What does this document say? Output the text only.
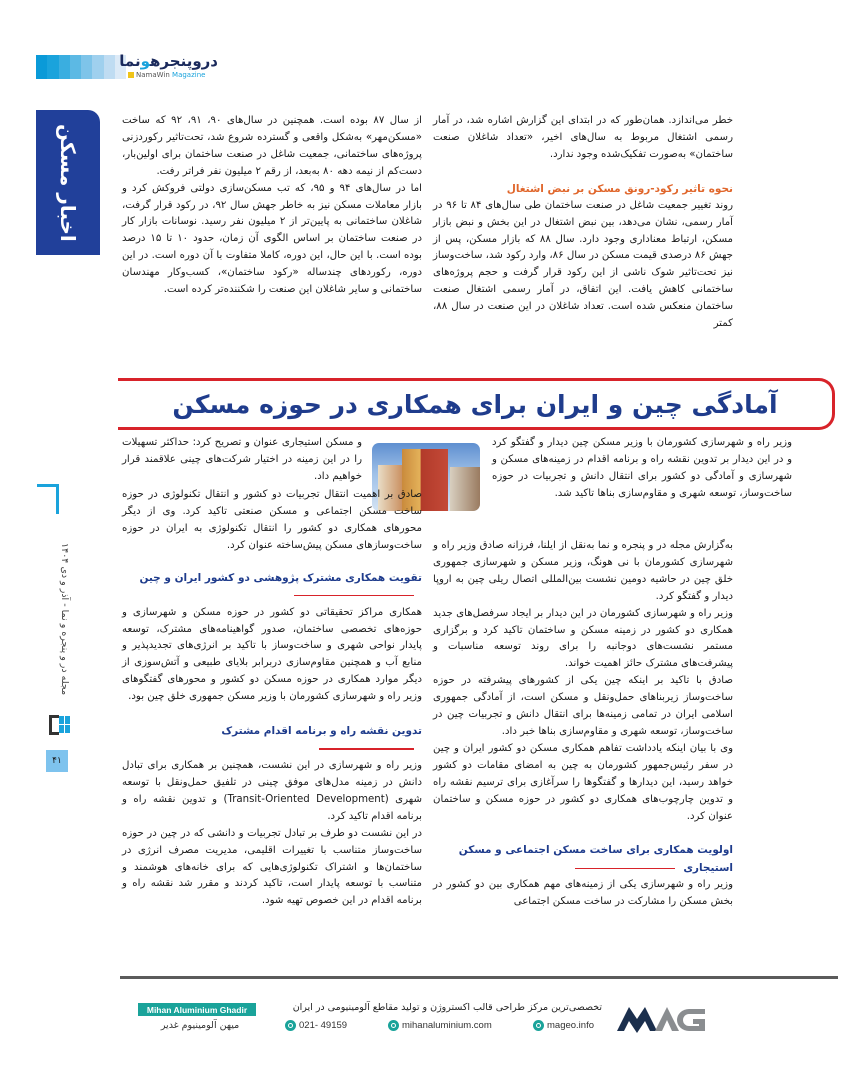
دروپنجرهونما
NamaWin Magazine
اخبار مسکن

از سال ۸۷ بوده است. همچنین در سال‌های ۹۰، ۹۱، ۹۲ که ساخت «مسکن‌مهر» به‌شکل واقعی و گسترده شروع شد، تحت‌تاثیر رکوردزنی پروژه‌های ساختمانی، جمعیت شاغل در صنعت ساختمان برای اولین‌بار، دست‌کم از نیمه دهه ۸۰ به‌بعد، از رقم ۲ میلیون نفر فراتر رفت.

اما در سال‌های ۹۴ و ۹۵، که تب مسکن‌سازی دولتی فروکش کرد و بازار معاملات مسکن نیز به خاطر جهش سال ۹۲، در رکود قرار گرفت، شاغلان ساختمانی به پایین‌تر از ۲ میلیون نفر رسید. نوسانات بازار کار در صنعت ساختمان بر اساس الگوی آن زمان، حدود ۱۰ تا ۱۵ درصد بوده است. با این حال، این دوره، کاملا متفاوت با آن دوره است. در این دوره، رکوردهای چندساله «رکود ساختمان»، کسب‌وکار مهندسان ساختمانی و سایر شاغلان این صنعت را شکننده‌تر کرده است.

خطر می‌اندازد. همان‌طور که در ابتدای این گزارش اشاره شد، در آمار رسمی اشتغال مربوط به سال‌های اخیر، «تعداد شاغلان صنعت ساختمان» به‌صورت تفکیک‌شده وجود ندارد.

نحوه تاثیر رکود-رونق مسکن بر نبض اشتغال

روند تغییر جمعیت شاغل در صنعت ساختمان طی سال‌های ۸۴ تا ۹۶ در آمار رسمی، نشان می‌دهد، بین نبض اشتغال در این بخش و نبض بازار مسکن، ارتباط معناداری وجود دارد. سال ۸۸ که بازار مسکن، پس از جهش ۸۶ درصدی قیمت مسکن در سال ۸۶، وارد رکود شد، ساخت‌وساز نیز تحت‌تاثیر شوک ناشی از این رکود قرار گرفت و حجم پروژه‌های ساختمانی کاهش یافت. این اتفاق، در آمار رسمی اشتغال صنعت ساختمان منعکس شده است. تعداد شاغلان در این صنعت در سال ۸۸، کمتر

آمادگی چین و ایران برای همکاری در حوزه مسکن

وزیر راه و شهرسازی کشورمان با وزیر مسکن چین دیدار و گفتگو کرد و در این دیدار بر تدوین نقشه راه و برنامه اقدام در زمینه‌های مسکن و شهرسازی و آمادگی دو کشور برای انتقال دانش و تجربیات در حوزه ساخت‌وساز، توسعه شهری و مقاوم‌سازی بناها تاکید شد.

به‌گزارش مجله در و پنجره و نما به‌نقل از ایلنا، فرزانه صادق وزیر راه و شهرسازی کشورمان با نی هونگ، وزیر مسکن و شهرسازی جمهوری خلق چین در حاشیه دومین نشست بین‌المللی اتصال ریلی چین به اروپا دیدار و گفتگو کرد.

وزیر راه و شهرسازی کشورمان در این دیدار بر ایجاد سرفصل‌های جدید همکاری دو کشور در زمینه مسکن و ساختمان تاکید کرد و برگزاری مستمر نشست‌های دوجانبه را برای روند توسعه مناسبات و پیشرفت‌های مشترک حائز اهمیت خواند.

صادق با تاکید بر اینکه چین یکی از کشورهای پیشرفته در حوزه ساخت‌وساز زیربناهای حمل‌ونقل و مسکن است، از آمادگی جمهوری اسلامی ایران در تمامی زمینه‌ها برای انتقال دانش و تجربیات چین در ساخت‌وساز، توسعه شهری و مقاوم‌سازی بناها خبر داد.

وی با بیان اینکه یادداشت تفاهم همکاری مسکن دو کشور ایران و چین در سفر رئیس‌جمهور کشورمان به چین به امضای مقامات دو کشور خواهد رسید، این دیدارها و گفتگوها را سرآغازی برای ترسیم نقشه راه و تدوین چارچوب‌های همکاری دو کشور در حوزه مسکن و ساختمان عنوان کرد.

اولویت همکاری برای ساخت مسکن اجتماعی و مسکن استیجاری

وزیر راه و شهرسازی یکی از زمینه‌های مهم همکاری بین دو کشور در بخش مسکن را مشارکت در ساخت مسکن اجتماعی

و مسکن استیجاری عنوان و تصریح کرد: حداکثر تسهیلات را در این زمینه در اختیار شرکت‌های چینی علاقمند قرار خواهیم داد.

صادق بر اهمیت انتقال تجربیات دو کشور و انتقال تکنولوژی در حوزه ساخت مسکن اجتماعی و مسکن صنعتی تاکید کرد. وی از دیگر محورهای همکاری دو کشور را انتقال تکنولوژی به ایران در حوزه ساخت‌وسازهای مسکن پیش‌ساخته عنوان کرد.

تقویت همکاری مشترک پژوهشی دو کشور ایران و چین

همکاری مراکز تحقیقاتی دو کشور در حوزه مسکن و شهرسازی و حوزه‌های تخصصی ساختمان، صدور گواهینامه‌های مشترک، توسعه پایدار نواحی شهری و ساخت‌وساز با تاکید بر انرژی‌های تجدیدپذیر و منابع آب و همچنین مقاوم‌سازی دربرابر بلایای طبیعی و آتش‌سوزی از دیگر موارد همکاری در حوزه مسکن دو کشور و محورهای گفتگوهای وزیر راه و شهرسازی کشورمان با وزیر مسکن جمهوری خلق چین بود.

تدوین نقشه راه و برنامه اقدام مشترک

وزیر راه و شهرسازی در این نشست، همچنین بر همکاری برای تبادل دانش در زمینه مدل‌های موفق چینی در تلفیق حمل‌ونقل با توسعه شهری (Transit-Oriented Development) و تدوین نقشه راه و برنامه اقدام تاکید کرد.

در این نشست دو طرف بر تبادل تجربیات و دانشی که در چین در حوزه ساخت‌وساز متناسب با تغییرات اقلیمی، مدیریت مصرف انرژی در ساختمان‌ها و اشتراک تکنولوژی‌هایی که برای خانه‌های هوشمند و متناسب با توسعه پایدار است، تاکید کردند و مقرر شد نقشه راه و برنامه اقدام در این خصوص تهیه شود.

مجله در و پنجره و نما - آذر و دی ۱۴۰۴
۴۱
Mihan Aluminium Ghadir
میهن آلومینیوم غدیر
تخصصی‌ترین مرکز طراحی قالب اکستروژن و تولید مقاطع آلومینیومی در ایران
021- 49159	mihanaluminium.com	mageo.info
